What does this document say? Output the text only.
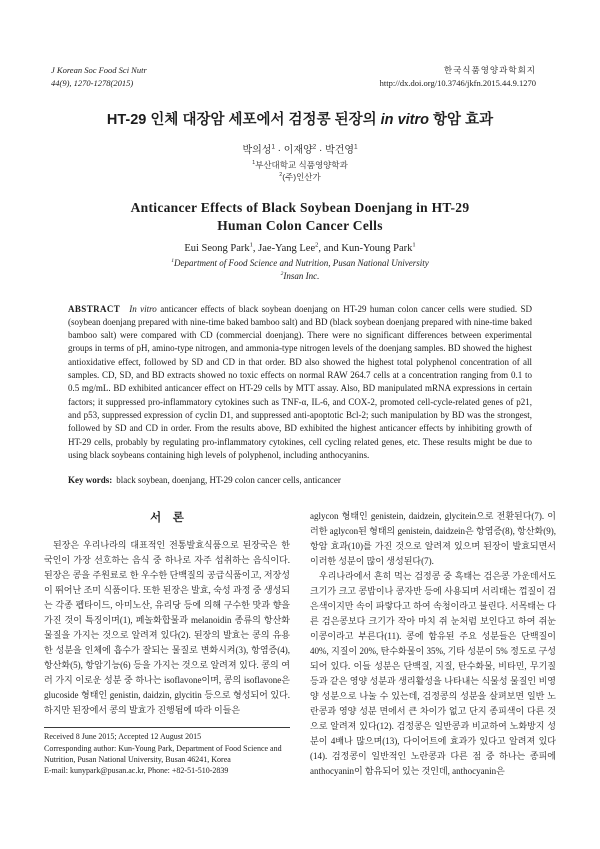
J Korean Soc Food Sci Nutr
44(9), 1270-1278(2015)
한국식품영양과학회지
http://dx.doi.org/10.3746/jkfn.2015.44.9.1270
HT-29 인체 대장암 세포에서 검정콩 된장의 in vitro 항암 효과
박의성$^1$ · 이재양$^2$ · 박건영$^1$
$^1$부산대학교 식품영양학과
$^2$(주)인산가
Anticancer Effects of Black Soybean Doenjang in HT-29
Human Colon Cancer Cells
Eui Seong Park$^1$, Jae-Yang Lee$^2$, and Kun-Young Park$^1$
$^1$Department of Food Science and Nutrition, Pusan National University
$^2$Insan Inc.
ABSTRACT In vitro anticancer effects of black soybean doenjang on HT-29 human colon cancer cells were studied. SD (soybean doenjang prepared with nine-time baked bamboo salt) and BD (black soybean doenjang prepared with nine-time baked bamboo salt) were compared with CD (commercial doenjang). There were no significant differences between experimental groups in terms of pH, amino-type nitrogen, and ammonia-type nitrogen levels of the doenjang samples. BD showed the highest antioxidative effect, followed by SD and CD in that order. BD also showed the highest total polyphenol concentration of all samples. CD, SD, and BD extracts showed no toxic effects on normal RAW 264.7 cells at a concentration ranging from 0.1 to 0.5 mg/mL. BD exhibited anticancer effect on HT-29 cells by MTT assay. Also, BD manipulated mRNA expressions in certain factors; it suppressed pro-inflammatory cytokines such as TNF-α, IL-6, and COX-2, promoted cell-cycle-related genes of p21, and p53, suppressed expression of cyclin D1, and suppressed anti-apoptotic Bcl-2; such manipulation by BD was the strongest, followed by SD and CD in order. From the results above, BD exhibited the highest anticancer effects by inhibiting growth of HT-29 cells, probably by regulating pro-inflammatory cytokines, cell cycling related genes, etc. These results might be due to using black soybeans containing high levels of polyphenol, including anthocyanins.
Key words: black soybean, doenjang, HT-29 colon cancer cells, anticancer
서    론

된장은 우리나라의 대표적인 전통발효식품으로 된장국은 한국인이 가장 선호하는 음식 중 하나로 자주 섭취하는 음식이다. 된장은 콩을 주원료로 한 우수한 단백질의 공급식품이고, 저장성이 뛰어난 조미 식품이다. 또한 된장은 발효, 숙성 과정 중 생성되는 각종 펩타이드, 아미노산, 유리당 등에 의해 구수한 맛과 향을 가진 것이 특징이며(1), 페놀화합물과 melanoidin 종류의 항산화 물질을 가지는 것으로 알려져 있다(2). 된장의 발효는 콩의 유용한 성분을 인체에 흡수가 잘되는 물질로 변화시켜(3), 항염증(4), 항산화(5), 항암기능(6) 등을 가지는 것으로 알려져 있다. 콩의 여러 가지 이로운 성분 중 하나는 isoflavone이며, 콩의 isoflavone은 glucoside 형태인 genistin, daidzin, glycitin 등으로 형성되어 있다. 하지만 된장에서 콩의 발효가 진행됨에 따라 이들은

Received 8 June 2015; Accepted 12 August 2015

Corresponding author: Kun-Young Park, Department of Food Science and Nutrition, Pusan National University, Busan 46241, Korea

E-mail: kunypark@pusan.ac.kr, Phone: +82-51-510-2839

aglycon 형태인 genistein, daidzein, glycitein으로 전환된다(7). 이러한 aglycon된 형태의 genistein, daidzein은 항염증(8), 항산화(9), 항암 효과(10)를 가진 것으로 알려져 있으며 된장이 발효되면서 이러한 성분이 많이 생성된다(7).

우리나라에서 흔히 먹는 검정콩 중 흑태는 검은콩 가운데서도 크기가 크고 콩밥이나 콩자반 등에 사용되며 서리태는 껍질이 검은색이지만 속이 파랗다고 하여 속청이라고 불린다. 서목태는 다른 검은콩보다 크기가 작아 마치 쥐 눈처럼 보인다고 하여 쥐눈이콩이라고 부른다(11). 콩에 함유된 주요 성분들은 단백질이 40%, 지질이 20%, 탄수화물이 35%, 기타 성분이 5% 정도로 구성되어 있다. 이들 성분은 단백질, 지질, 탄수화물, 비타민, 무기질 등과 같은 영양 성분과 생리활성을 나타내는 식물성 물질인 비영양 성분으로 나눌 수 있는데, 검정콩의 성분을 살펴보면 일반 노란콩과 영양 성분 면에서 큰 차이가 없고 단지 종피색이 다른 것으로 알려져 있다(12). 검정콩은 일반콩과 비교하여 노화방지 성분이 4배나 많으며(13), 다이어트에 효과가 있다고 알려져 있다(14). 검정콩이 일반적인 노란콩과 다른 점 중 하나는 종피에 anthocyanin이 함유되어 있는 것인데, anthocyanin은
